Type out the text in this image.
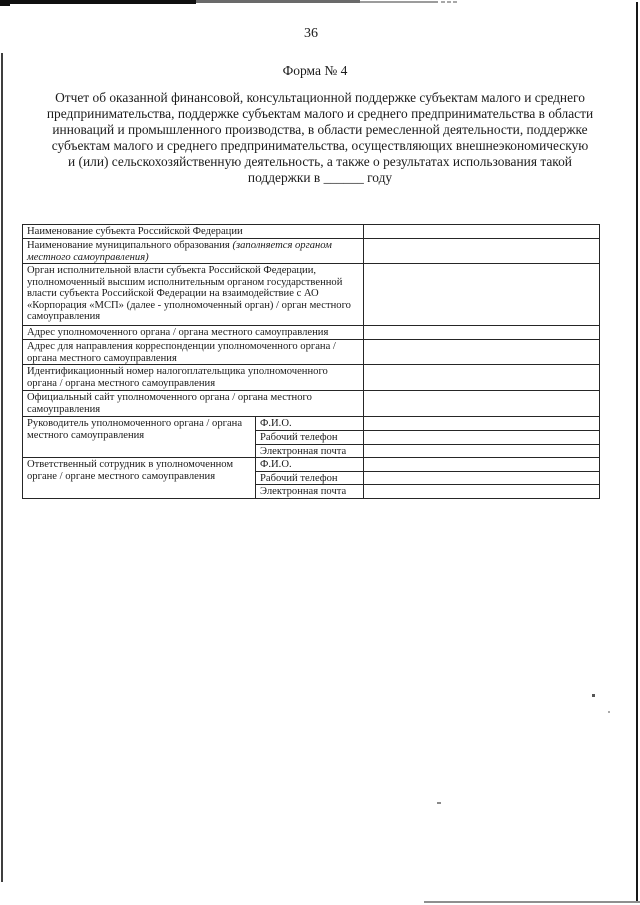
36
Форма № 4
Отчет об оказанной финансовой, консультационной поддержке субъектам малого и среднего
предпринимательства, поддержке субъектам малого и среднего предпринимательства в области
инноваций и промышленного производства, в области ремесленной деятельности, поддержке
субъектам малого и среднего предпринимательства, осуществляющих внешнеэкономическую
и (или) сельскохозяйственную деятельность, а также о результатах использования такой
поддержки в ______ году
Наименование субъекта Российской Федерации		
Наименование муниципального образования (заполняется органом местного самоуправления)		
Орган исполнительной власти субъекта Российской Федерации, уполномоченный высшим исполнительным органом государственной власти субъекта Российской Федерации на взаимодействие с АО «Корпорация «МСП» (далее - уполномоченный орган) / орган местного самоуправления		
Адрес уполномоченного органа / органа местного самоуправления		
Адрес для направления корреспонденции уполномоченного органа / органа местного самоуправления		
Идентификационный номер налогоплательщика уполномоченного органа / органа местного самоуправления		
Официальный сайт уполномоченного органа / органа местного самоуправления		
Руководитель уполномоченного органа / органа местного самоуправления	Ф.И.О.	
	Рабочий телефон	
	Электронная почта	
Ответственный сотрудник в уполномоченном органе / органе местного самоуправления	Ф.И.О.	
	Рабочий телефон	
	Электронная почта	
